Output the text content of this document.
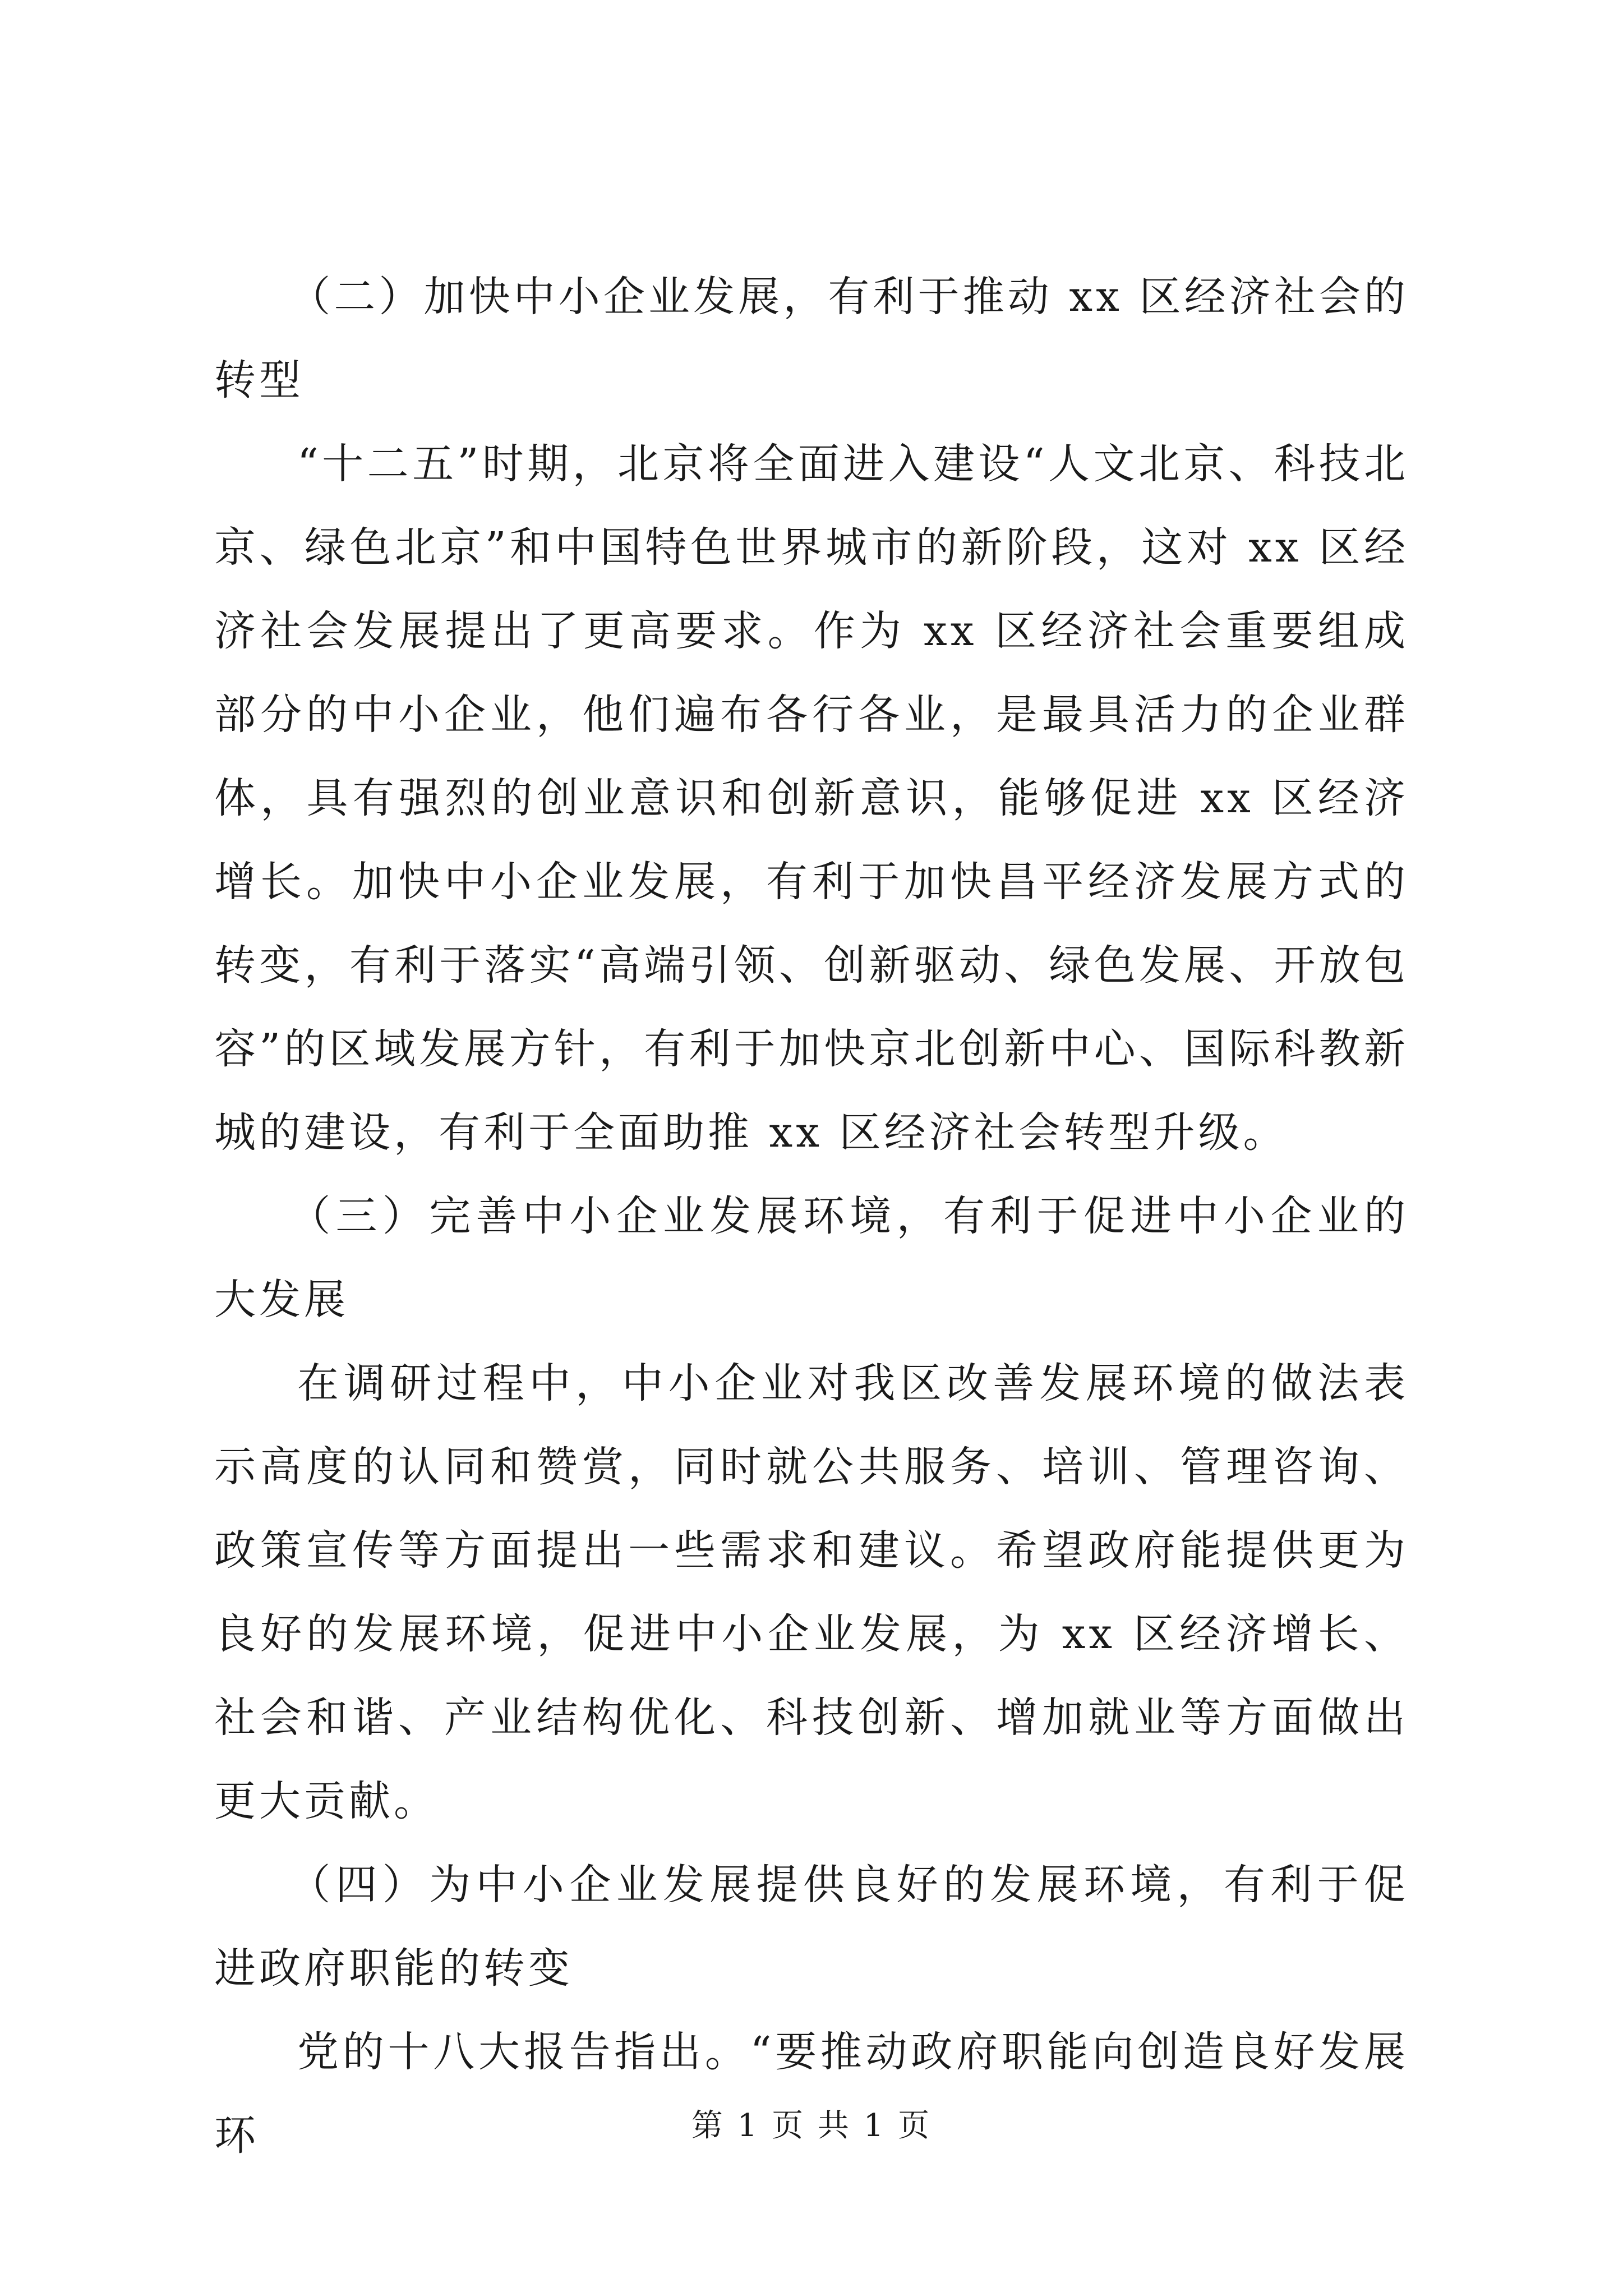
（二）加快中小企业发展，有利于推动 xx 区经济社会的转型

“十二五”时期，北京将全面进入建设“人文北京、科技北京、绿色北京”和中国特色世界城市的新阶段，这对 xx 区经济社会发展提出了更高要求。作为 xx 区经济社会重要组成部分的中小企业，他们遍布各行各业，是最具活力的企业群体，具有强烈的创业意识和创新意识，能够促进 xx 区经济增长。加快中小企业发展，有利于加快昌平经济发展方式的转变，有利于落实“高端引领、创新驱动、绿色发展、开放包容”的区域发展方针，有利于加快京北创新中心、国际科教新城的建设，有利于全面助推 xx 区经济社会转型升级。

（三）完善中小企业发展环境，有利于促进中小企业的大发展

在调研过程中，中小企业对我区改善发展环境的做法表示高度的认同和赞赏，同时就公共服务、培训、管理咨询、政策宣传等方面提出一些需求和建议。希望政府能提供更为良好的发展环境，促进中小企业发展，为 xx 区经济增长、社会和谐、产业结构优化、科技创新、增加就业等方面做出更大贡献。

（四）为中小企业发展提供良好的发展环境，有利于促进政府职能的转变

党的十八大报告指出。“要推动政府职能向创造良好发展环	第 1 页 共 1 页
